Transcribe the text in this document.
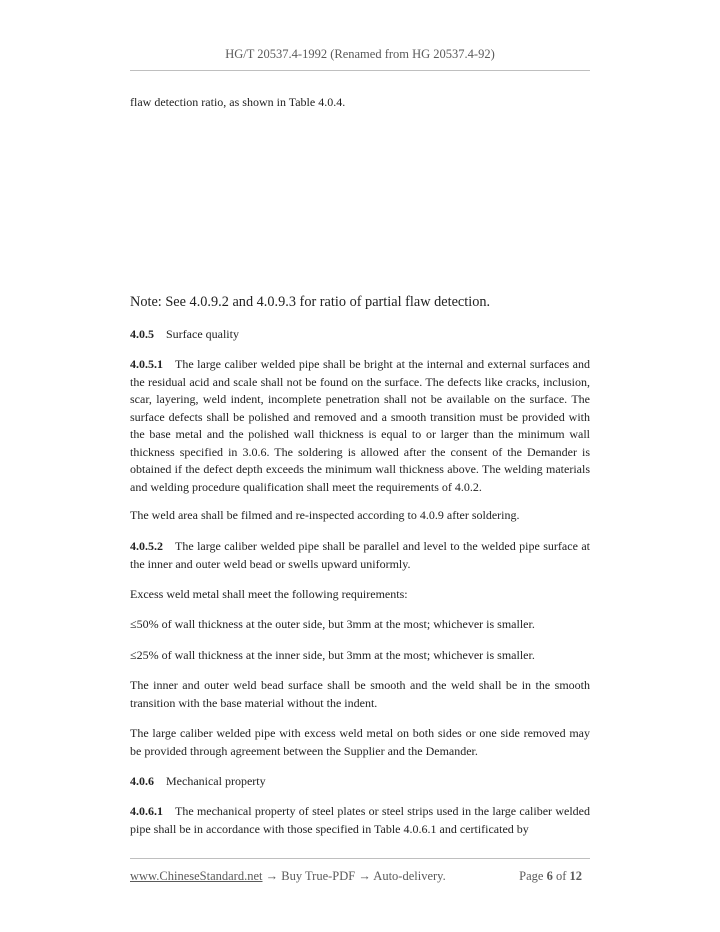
HG/T 20537.4-1992 (Renamed from HG 20537.4-92)

flaw detection ratio, as shown in Table 4.0.4.

Note: See 4.0.9.2 and 4.0.9.3 for ratio of partial flaw detection.

4.0.5 Surface quality

4.0.5.1 The large caliber welded pipe shall be bright at the internal and external surfaces and the residual acid and scale shall not be found on the surface. The defects like cracks, inclusion, scar, layering, weld indent, incomplete penetration shall not be available on the surface. The surface defects shall be polished and removed and a smooth transition must be provided with the base metal and the polished wall thickness is equal to or larger than the minimum wall thickness specified in 3.0.6. The soldering is allowed after the consent of the Demander is obtained if the defect depth exceeds the minimum wall thickness above. The welding materials and welding procedure qualification shall meet the requirements of 4.0.2.

The weld area shall be filmed and re-inspected according to 4.0.9 after soldering.

4.0.5.2 The large caliber welded pipe shall be parallel and level to the welded pipe surface at the inner and outer weld bead or swells upward uniformly.

Excess weld metal shall meet the following requirements:

≤50% of wall thickness at the outer side, but 3mm at the most; whichever is smaller.

≤25% of wall thickness at the inner side, but 3mm at the most; whichever is smaller.

The inner and outer weld bead surface shall be smooth and the weld shall be in the smooth transition with the base material without the indent.

The large caliber welded pipe with excess weld metal on both sides or one side removed may be provided through agreement between the Supplier and the Demander.

4.0.6 Mechanical property

4.0.6.1 The mechanical property of steel plates or steel strips used in the large caliber welded pipe shall be in accordance with those specified in Table 4.0.6.1 and certificated by

www.ChineseStandard.net → Buy True-PDF → Auto-delivery.	Page 6 of 12
